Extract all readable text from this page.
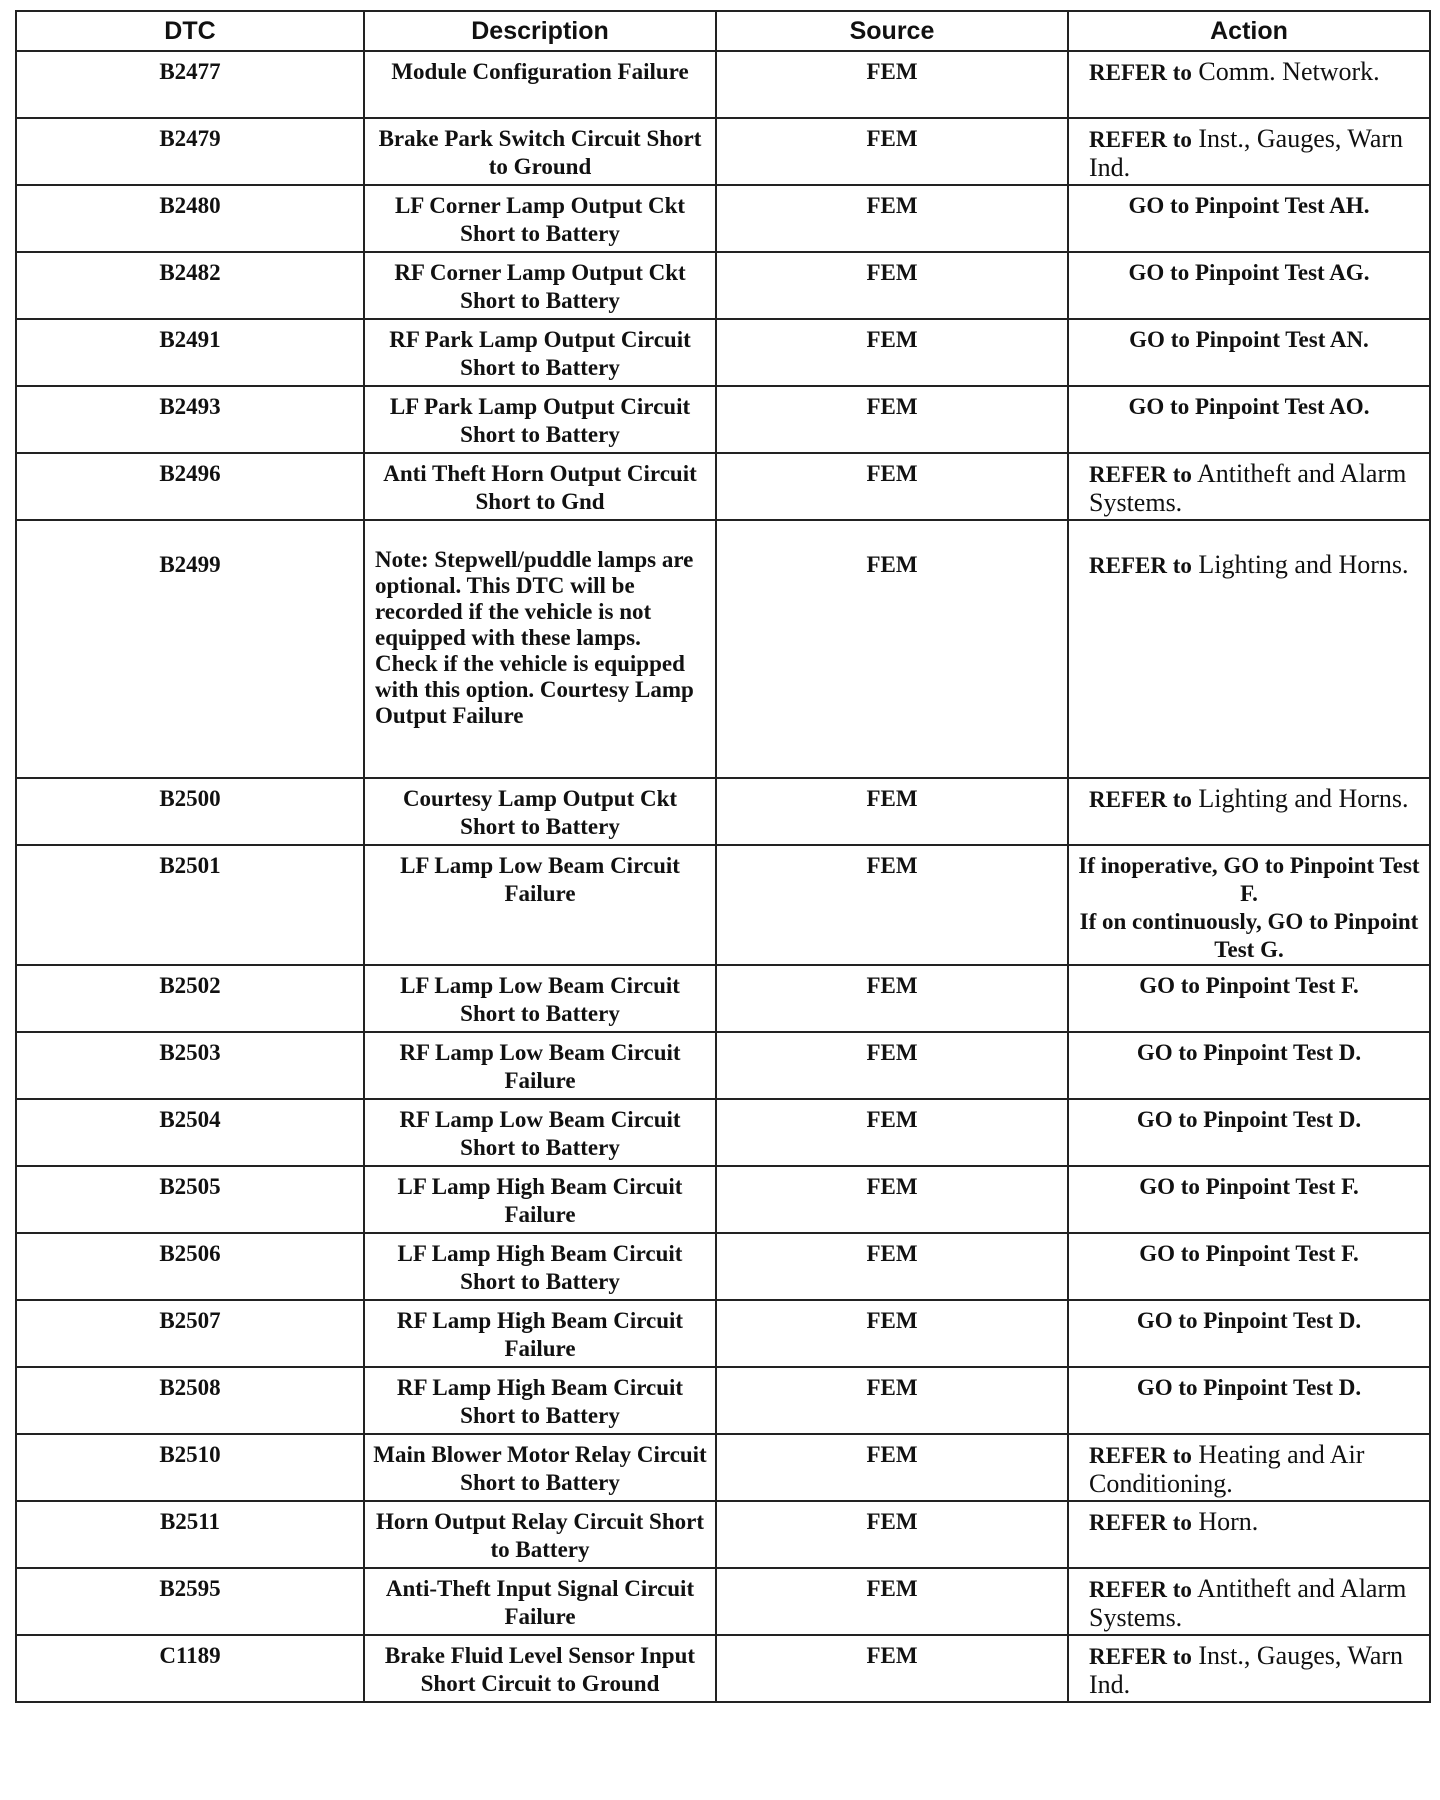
DTC	Description	Source	Action
B2477	Module Configuration Failure	FEM	REFER to Comm. Network.
B2479	Brake Park Switch Circuit Short to Ground	FEM	REFER to Inst., Gauges, Warn Ind.
B2480	LF Corner Lamp Output Ckt Short to Battery	FEM	GO to Pinpoint Test AH.

B2482	RF Corner Lamp Output Ckt Short to Battery	FEM	GO to Pinpoint Test AG.

B2491	RF Park Lamp Output Circuit Short to Battery	FEM	GO to Pinpoint Test AN.

B2493	LF Park Lamp Output Circuit Short to Battery	FEM	GO to Pinpoint Test AO.

B2496	Anti Theft Horn Output Circuit Short to Gnd	FEM	REFER to Antitheft and Alarm Systems.
B2499	Note: Stepwell/puddle lamps are optional. This DTC will be recorded if the vehicle is not equipped with these lamps. Check if the vehicle is equipped with this option. Courtesy Lamp Output Failure	FEM	REFER to Lighting and Horns.
B2500	Courtesy Lamp Output Ckt Short to Battery	FEM	REFER to Lighting and Horns.
B2501	LF Lamp Low Beam Circuit Failure	FEM	If inoperative, GO to Pinpoint Test F.
If on continuously, GO to Pinpoint Test G.

B2502	LF Lamp Low Beam Circuit Short to Battery	FEM	GO to Pinpoint Test F.

B2503	RF Lamp Low Beam Circuit Failure	FEM	GO to Pinpoint Test D.

B2504	RF Lamp Low Beam Circuit Short to Battery	FEM	GO to Pinpoint Test D.

B2505	LF Lamp High Beam Circuit Failure	FEM	GO to Pinpoint Test F.

B2506	LF Lamp High Beam Circuit Short to Battery	FEM	GO to Pinpoint Test F.

B2507	RF Lamp High Beam Circuit Failure	FEM	GO to Pinpoint Test D.

B2508	RF Lamp High Beam Circuit Short to Battery	FEM	GO to Pinpoint Test D.

B2510	Main Blower Motor Relay Circuit Short to Battery	FEM	REFER to Heating and Air Conditioning.
B2511	Horn Output Relay Circuit Short to Battery	FEM	REFER to Horn.
B2595	Anti-Theft Input Signal Circuit Failure	FEM	REFER to Antitheft and Alarm Systems.
C1189	Brake Fluid Level Sensor Input Short Circuit to Ground	FEM	REFER to Inst., Gauges, Warn Ind.
